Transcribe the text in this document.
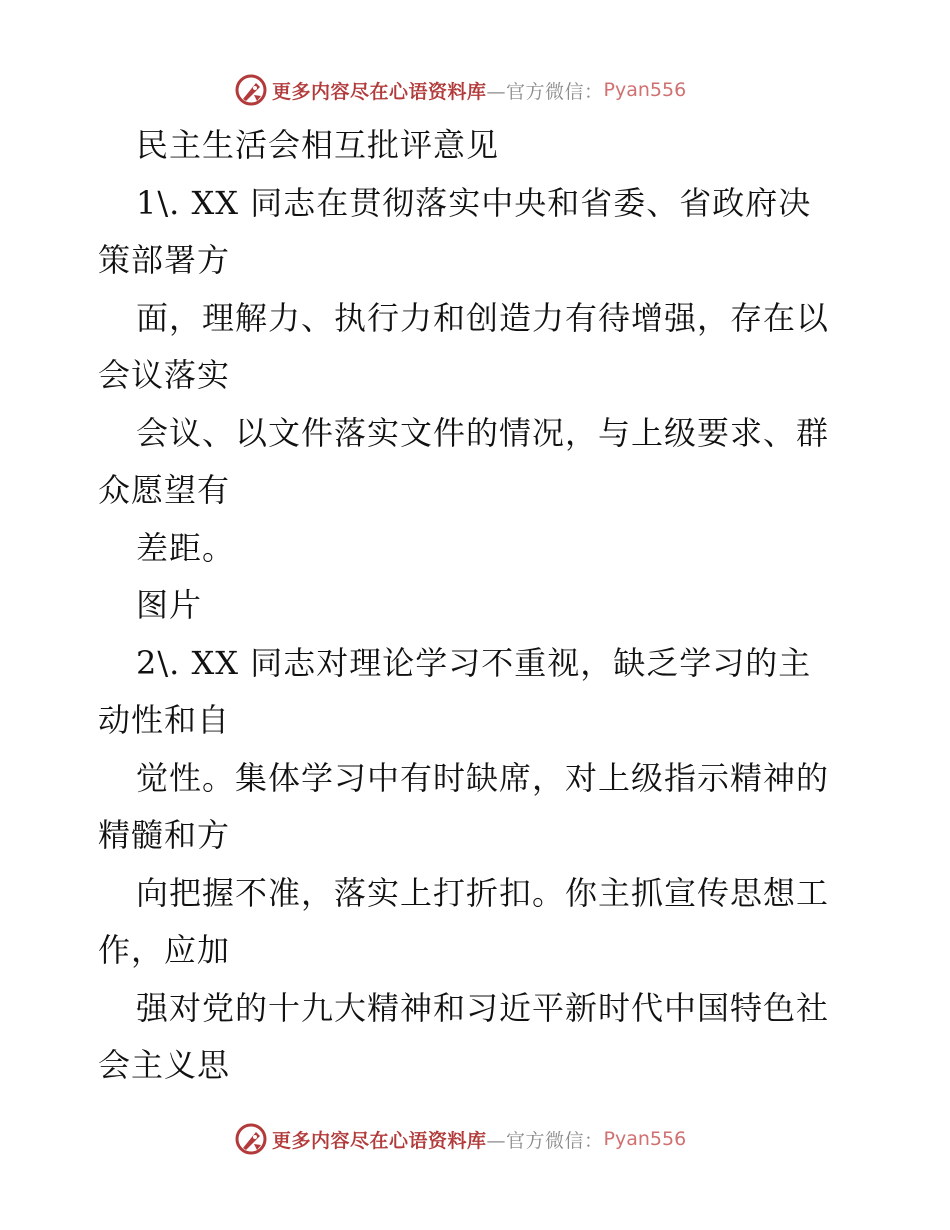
更多内容尽在心语资料库 —官方微信： Pyan556
民主生活会相互批评意见
1\. XX 同志在贯彻落实中央和省委、省政府决
策部署方
面，理解力、执行力和创造力有待增强，存在以
会议落实
会议、以文件落实文件的情况，与上级要求、群
众愿望有
差距。
图片
2\. XX 同志对理论学习不重视，缺乏学习的主
动性和自
觉性。集体学习中有时缺席，对上级指示精神的
精髓和方
向把握不准，落实上打折扣。你主抓宣传思想工
作，应加
强对党的十九大精神和习近平新时代中国特色社
会主义思
更多内容尽在心语资料库 —官方微信： Pyan556
